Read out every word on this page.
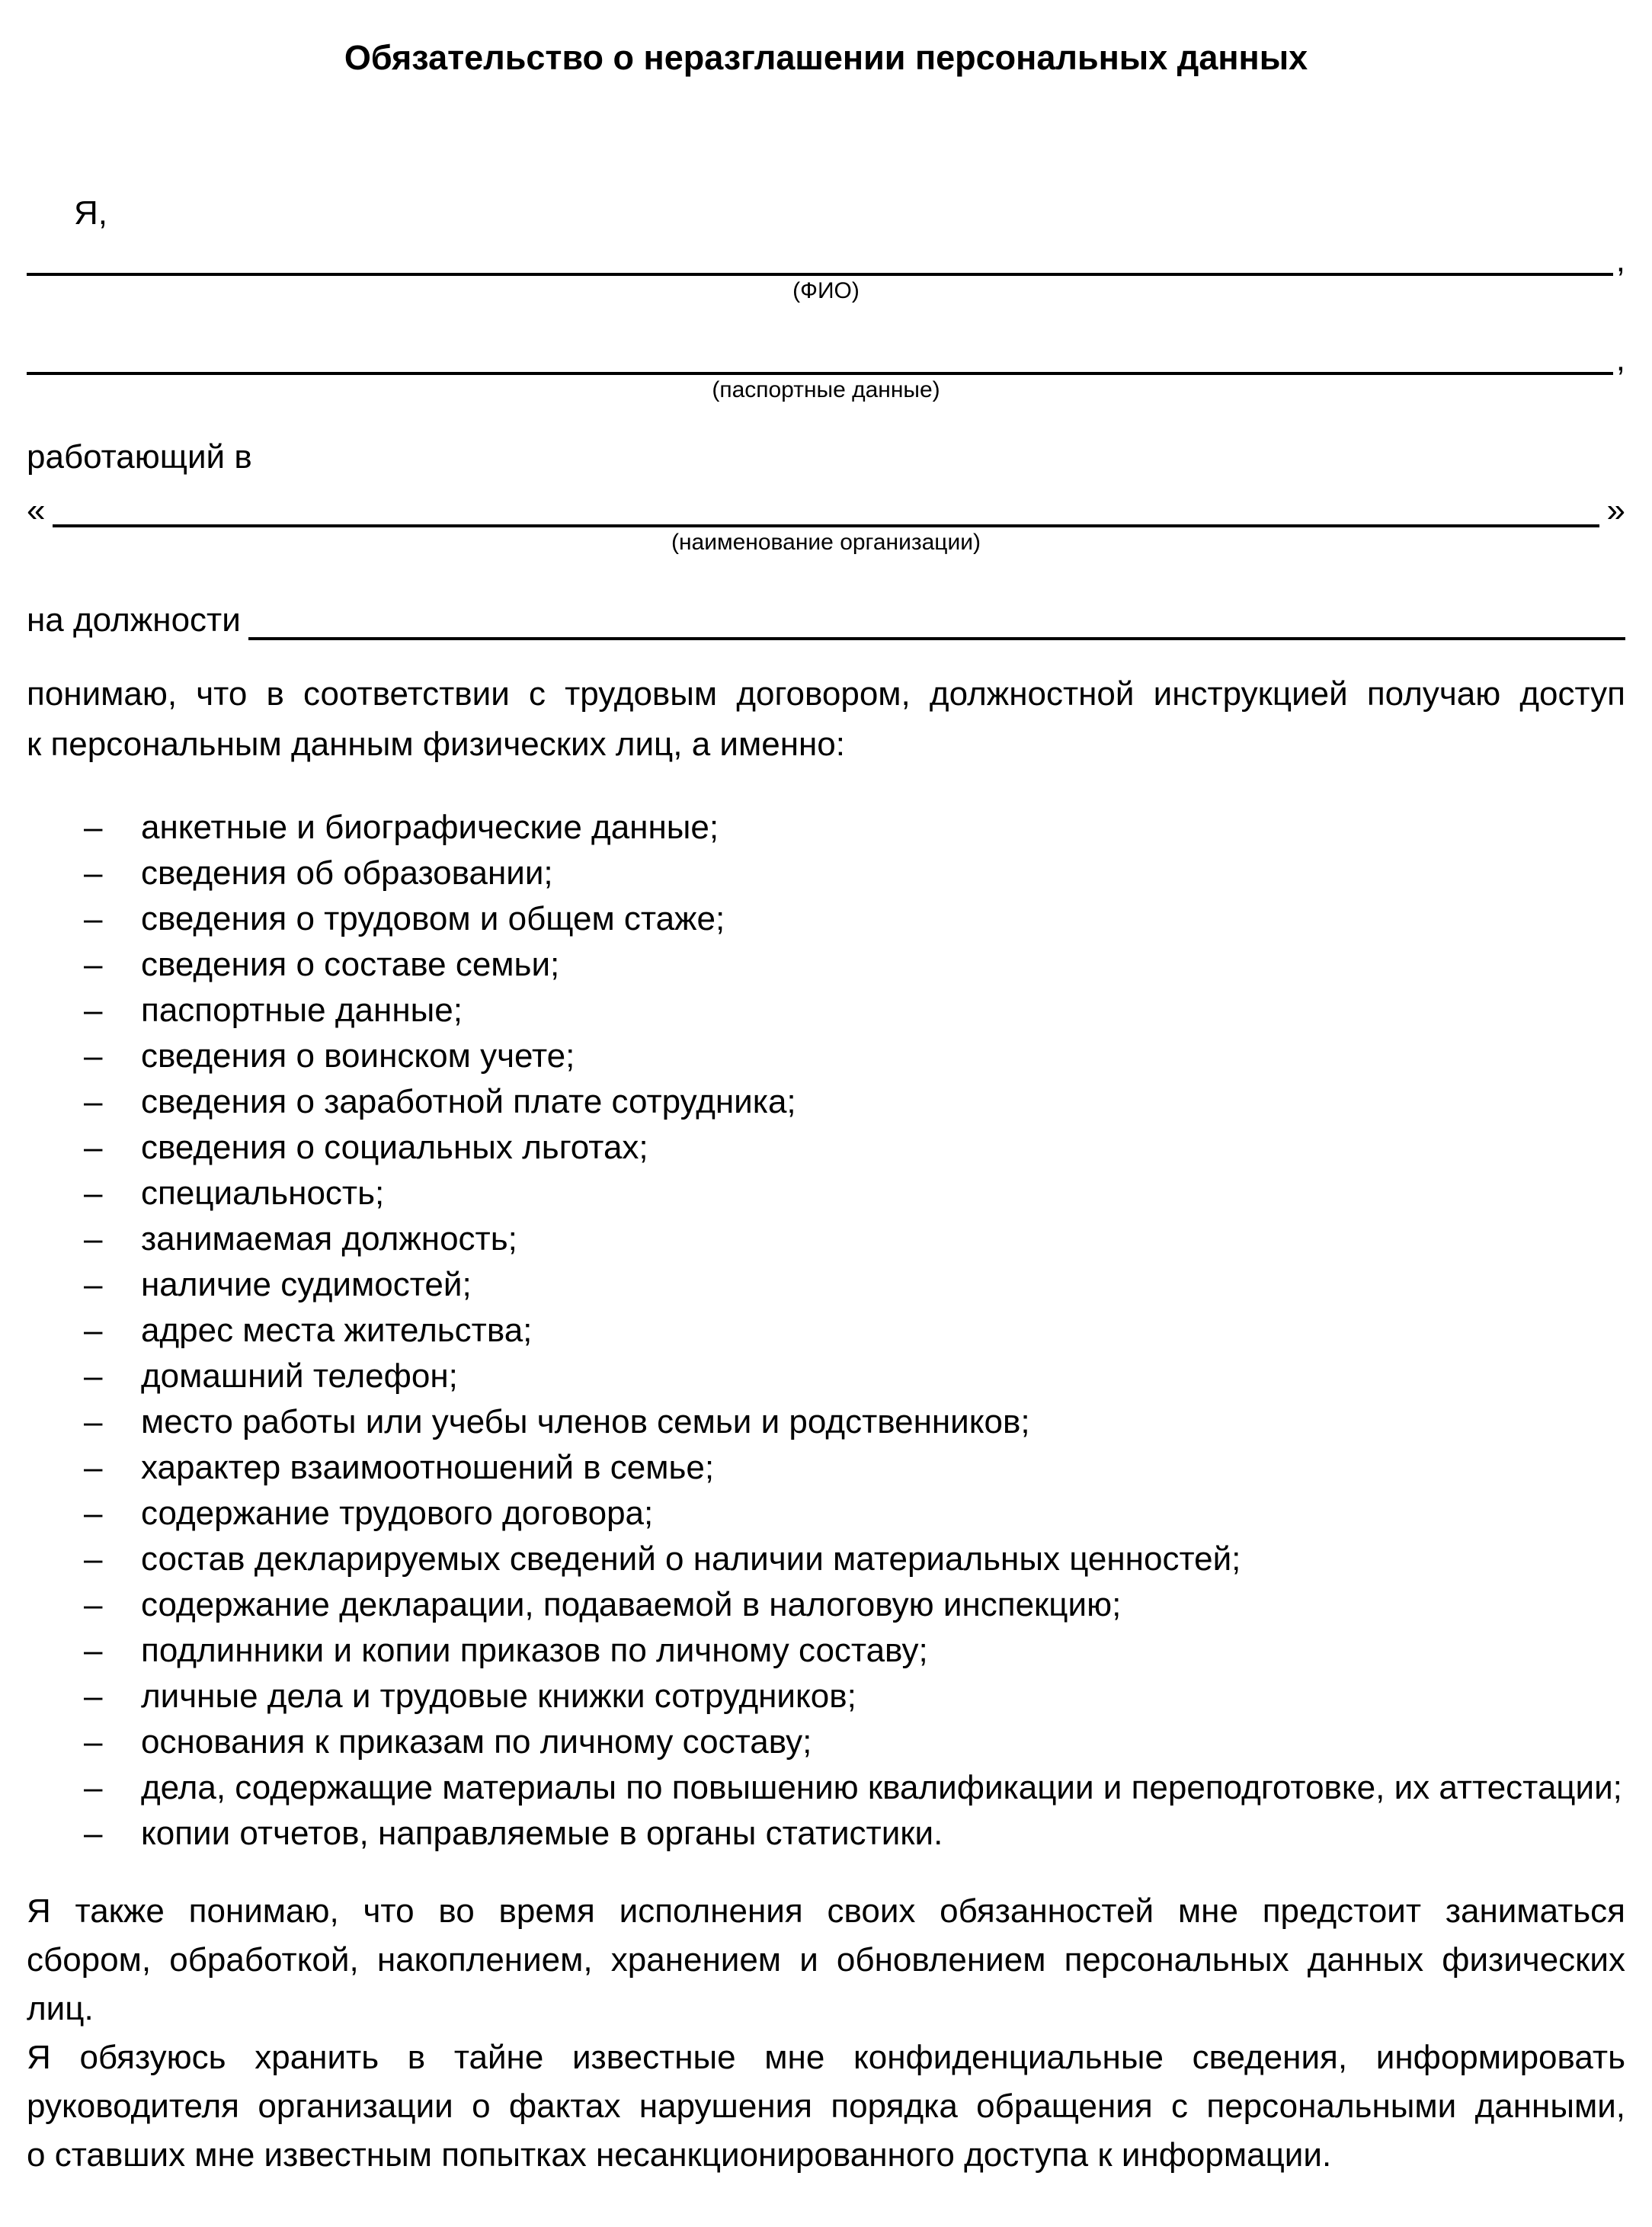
Обязательство о неразглашении персональных данных
Я,
,
(ФИО)
,
(паспортные данные)
работающий в
«	»
(наименование организации)
на должности
понимаю, что в соответствии с трудовым договором, должностной инструкцией получаю доступ
к персональным данным физических лиц, а именно:
– анкетные и биографические данные;
– сведения об образовании;
– сведения о трудовом и общем стаже;
– сведения о составе семьи;
– паспортные данные;
– сведения о воинском учете;
– сведения о заработной плате сотрудника;
– сведения о социальных льготах;
– специальность;
– занимаемая должность;
– наличие судимостей;
– адрес места жительства;
– домашний телефон;
– место работы или учебы членов семьи и родственников;
– характер взаимоотношений в семье;
– содержание трудового договора;
– состав декларируемых сведений о наличии материальных ценностей;
– содержание декларации, подаваемой в налоговую инспекцию;
– подлинники и копии приказов по личному составу;
– личные дела и трудовые книжки сотрудников;
– основания к приказам по личному составу;
– дела, содержащие материалы по повышению квалификации и переподготовке, их аттестации;
– копии отчетов, направляемые в органы статистики.
Я также понимаю, что во время исполнения своих обязанностей мне предстоит заниматься
сбором, обработкой, накоплением, хранением и обновлением персональных данных физических
лиц.
Я обязуюсь хранить в тайне известные мне конфиденциальные сведения, информировать
руководителя организации о фактах нарушения порядка обращения с персональными данными,
о ставших мне известным попытках несанкционированного доступа к информации.
